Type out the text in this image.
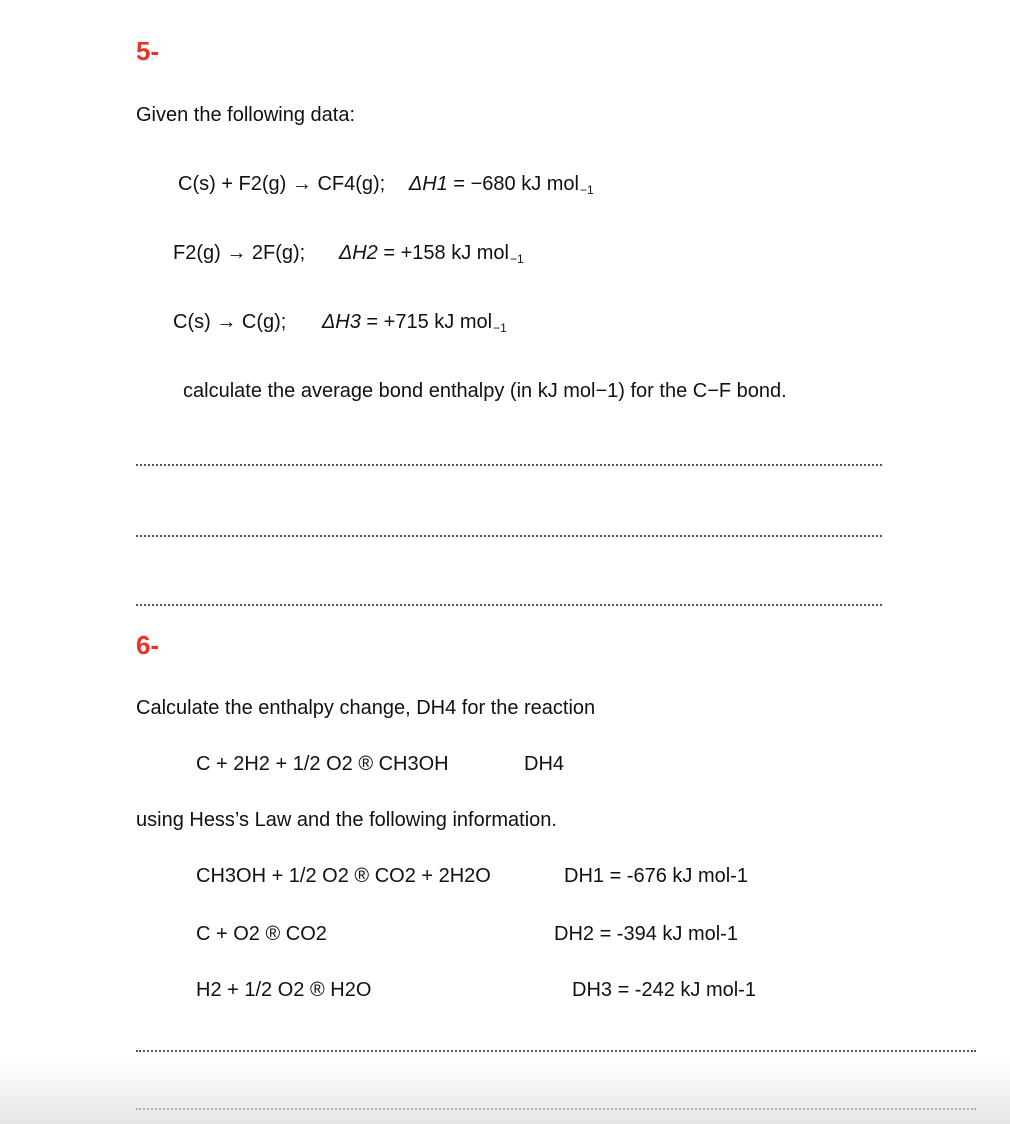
5-
Given the following data:
C(s) + F2(g) → CF4(g); ΔH1 = −680 kJ mol$_{-1}$
F2(g) → 2F(g); ΔH2 = +158 kJ mol$_{-1}$
C(s) → C(g); ΔH3 = +715 kJ mol$_{-1}$
calculate the average bond enthalpy (in kJ mol−1) for the C−F bond.
6-
Calculate the enthalpy change, DH4 for the reaction
C + 2H2 + 1/2 O2 ® CH3OH	DH4
using Hess’s Law and the following information.
CH3OH + 1/2 O2 ® CO2 + 2H2O	DH1 = -676 kJ mol-1
C + O2 ® CO2	DH2 = -394 kJ mol-1
H2 + 1/2 O2 ® H2O	DH3 = -242 kJ mol-1
